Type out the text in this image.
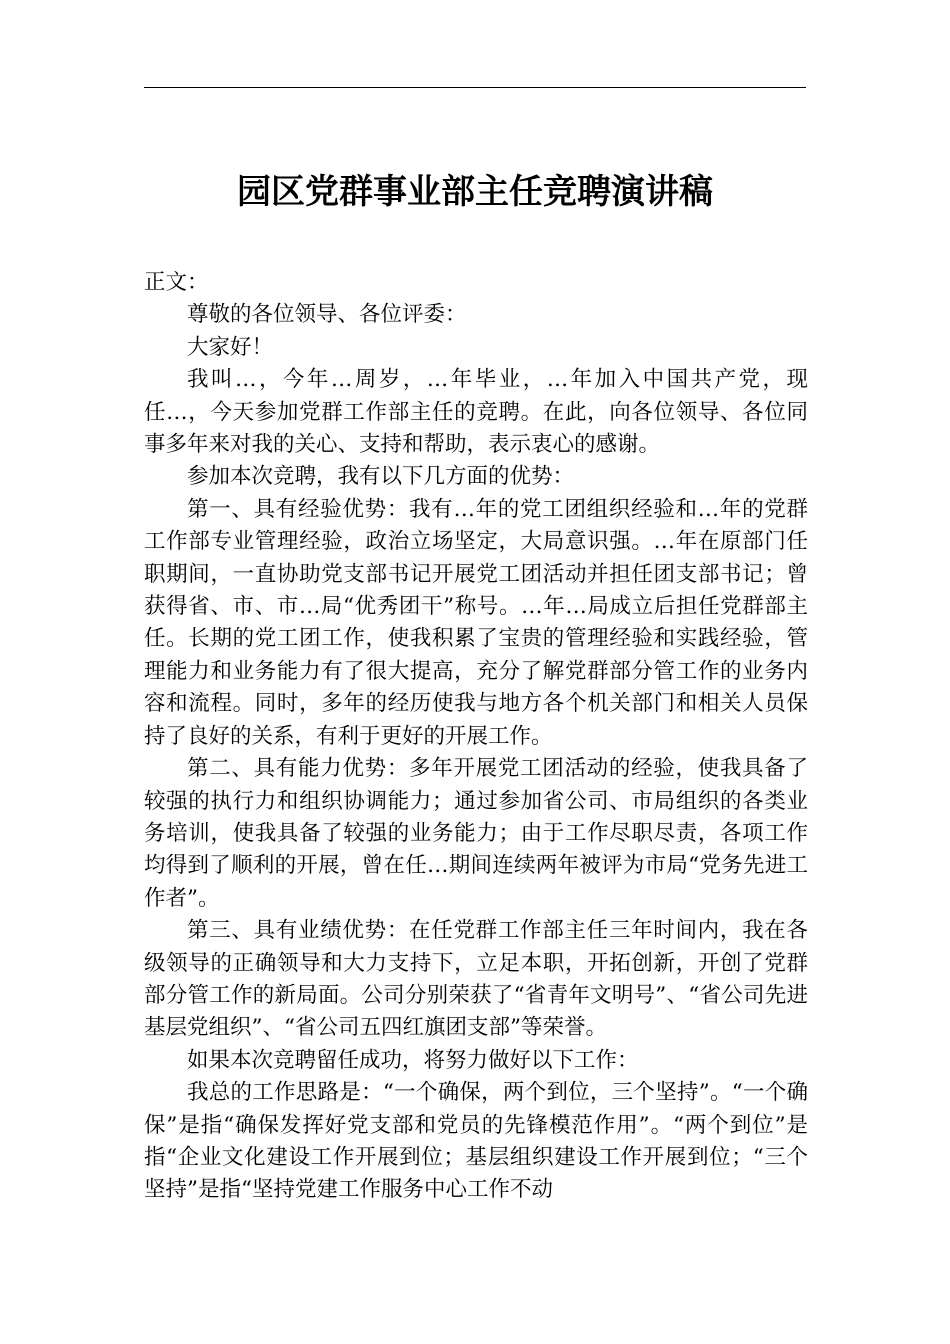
园区党群事业部主任竞聘演讲稿

正文：

尊敬的各位领导、各位评委：

大家好！

我叫…，今年…周岁，…年毕业，…年加入中国共产党，现任…，今天参加党群工作部主任的竞聘。在此，向各位领导、各位同事多年来对我的关心、支持和帮助，表示衷心的感谢。

参加本次竞聘，我有以下几方面的优势：

第一、具有经验优势：我有…年的党工团组织经验和…年的党群工作部专业管理经验，政治立场坚定，大局意识强。…年在原部门任职期间，一直协助党支部书记开展党工团活动并担任团支部书记；曾获得省、市、市…局“优秀团干”称号。…年…局成立后担任党群部主任。长期的党工团工作，使我积累了宝贵的管理经验和实践经验，管理能力和业务能力有了很大提高，充分了解党群部分管工作的业务内容和流程。同时，多年的经历使我与地方各个机关部门和相关人员保持了良好的关系，有利于更好的开展工作。

第二、具有能力优势：多年开展党工团活动的经验，使我具备了较强的执行力和组织协调能力；通过参加省公司、市局组织的各类业务培训，使我具备了较强的业务能力；由于工作尽职尽责，各项工作均得到了顺利的开展，曾在任…期间连续两年被评为市局“党务先进工作者”。

第三、具有业绩优势：在任党群工作部主任三年时间内，我在各级领导的正确领导和大力支持下，立足本职，开拓创新，开创了党群部分管工作的新局面。公司分别荣获了“省青年文明号”、“省公司先进基层党组织”、“省公司五四红旗团支部”等荣誉。

如果本次竞聘留任成功，将努力做好以下工作：

我总的工作思路是：“一个确保，两个到位，三个坚持”。“一个确保”是指“确保发挥好党支部和党员的先锋模范作用”。“两个到位”是指“企业文化建设工作开展到位；基层组织建设工作开展到位；“三个坚持”是指“坚持党建工作服务中心工作不动
